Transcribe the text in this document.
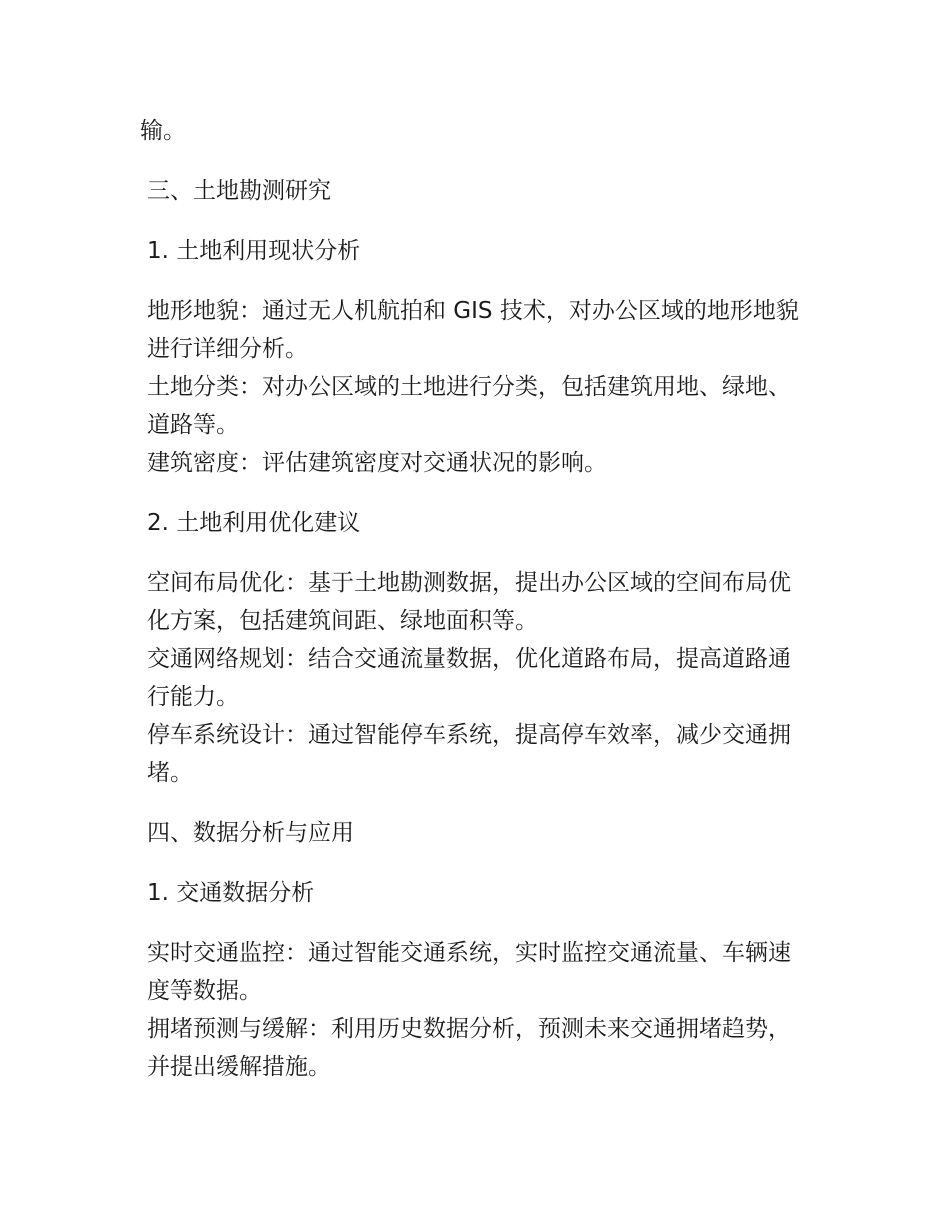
输。

三、土地勘测研究

1. 土地利用现状分析

地形地貌：通过无人机航拍和 GIS 技术，对办公区域的地形地貌进行详细分析。

土地分类：对办公区域的土地进行分类，包括建筑用地、绿地、道路等。

建筑密度：评估建筑密度对交通状况的影响。

2. 土地利用优化建议

空间布局优化：基于土地勘测数据，提出办公区域的空间布局优化方案，包括建筑间距、绿地面积等。

交通网络规划：结合交通流量数据，优化道路布局，提高道路通行能力。

停车系统设计：通过智能停车系统，提高停车效率，减少交通拥堵。

四、数据分析与应用

1. 交通数据分析

实时交通监控：通过智能交通系统，实时监控交通流量、车辆速度等数据。

拥堵预测与缓解：利用历史数据分析，预测未来交通拥堵趋势，并提出缓解措施。
